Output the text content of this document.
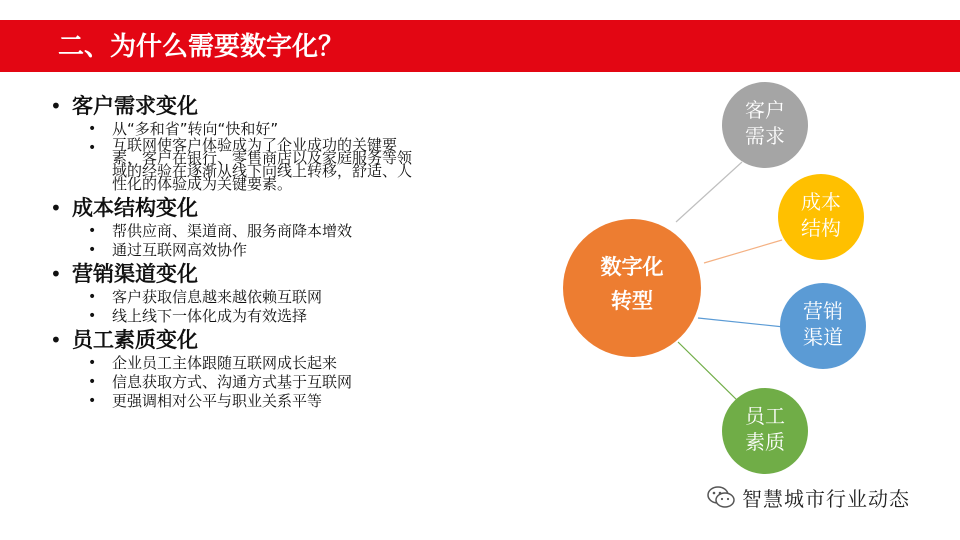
二、为什么需要数字化？
• 客户需求变化
•	从“多和省”转向“快和好”
•	互联网使客户体验成为了企业成功的关键要素，客户在银行、零售商店以及家庭服务等领域的经验在逐渐从线下向线上转移，舒适、人性化的体验成为关键要素。
• 成本结构变化
•	帮供应商、渠道商、服务商降本增效
•	通过互联网高效协作
• 营销渠道变化
•	客户获取信息越来越依赖互联网
•	线上线下一体化成为有效选择
• 员工素质变化
•	企业员工主体跟随互联网成长起来
•	信息获取方式、沟通方式基于互联网
•	更强调相对公平与职业关系平等
数字化
转型
客户
需求
成本
结构
营销
渠道
员工
素质
智慧城市行业动态
